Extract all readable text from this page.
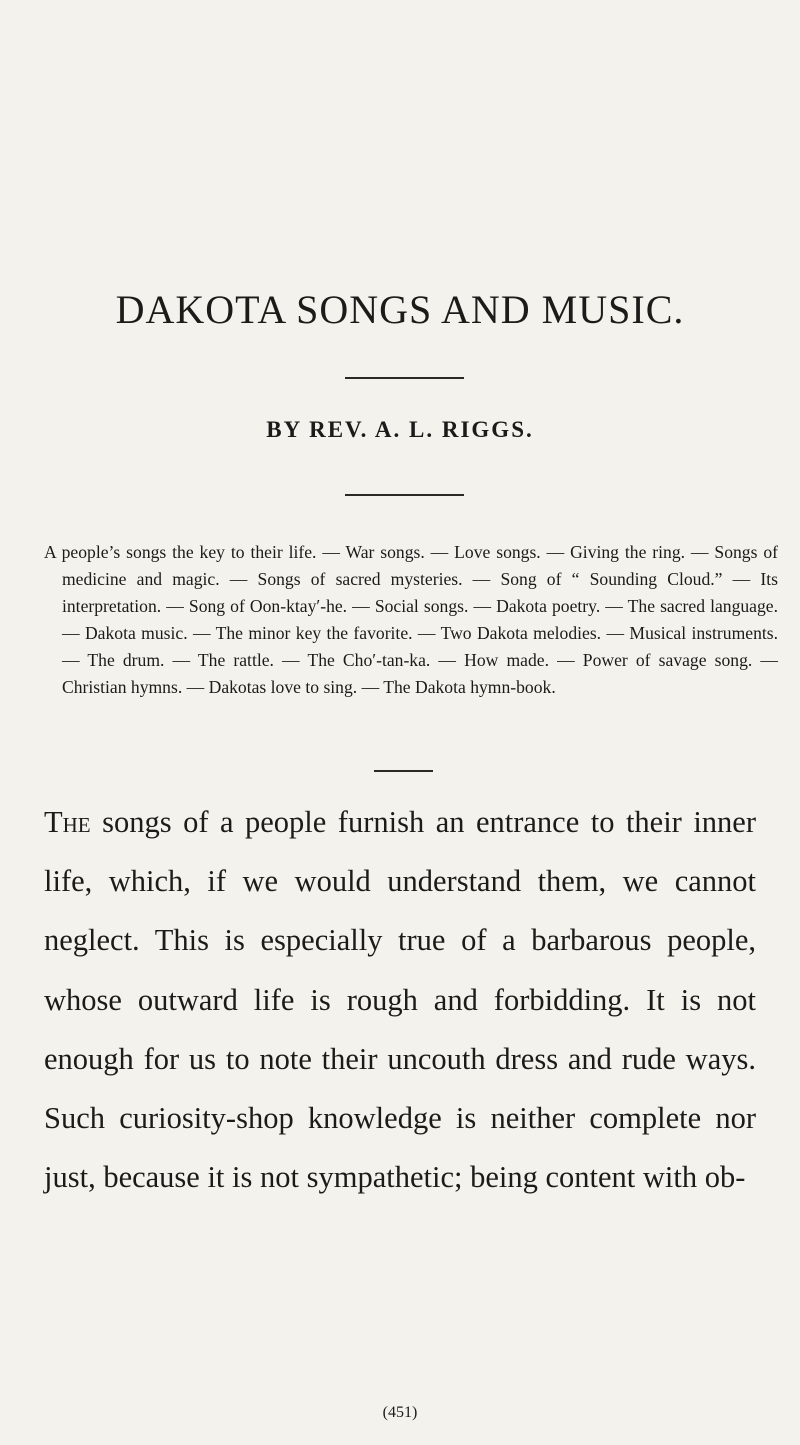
DAKOTA SONGS AND MUSIC.
BY REV. A. L. RIGGS.

A people’s songs the key to their life. — War songs. — Love songs. — Giving the ring. — Songs of medicine and magic. — Songs of sacred mysteries. — Song of “ Sounding Cloud.” — Its interpretation. — Song of Oon-ktay′-he. — Social songs. — Dakota poetry. — The sacred language. — Dakota music. — The minor key the favorite. — Two Dakota melodies. — Musical instruments. — The drum. — The rattle. — The Cho′-tan-ka. — How made. — Power of savage song. — Christian hymns. — Dakotas love to sing. — The Dakota hymn-book.

The songs of a people furnish an entrance to their inner life, which, if we would understand them, we cannot neglect. This is especially true of a barbarous people, whose outward life is rough and forbidding. It is not enough for us to note their uncouth dress and rude ways. Such curiosity-shop knowledge is neither complete nor just, because it is not sympathetic; being content with ob-

(451)
